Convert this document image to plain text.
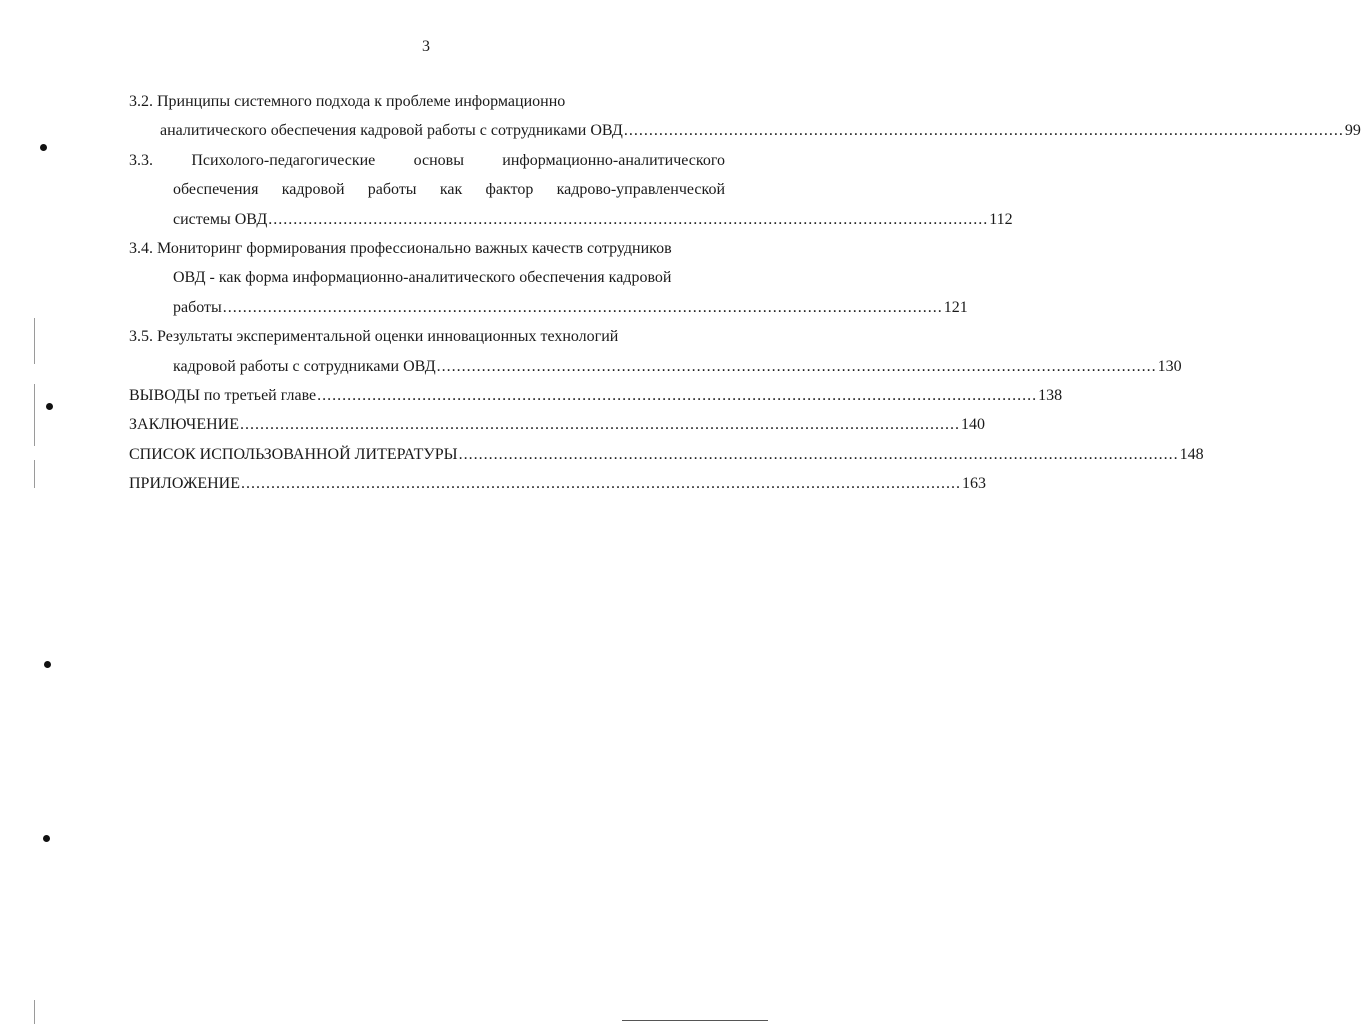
3
3.2. Принципы системного подхода к проблеме информационно
аналитического обеспечения кадровой работы с сотрудниками ОВД ................................................................................................................................................ 99
3.3. Психолого-педагогические основы информационно-аналитического
обеспечения кадровой работы как фактор кадрово-управленческой
системы ОВД ................................................................................................................................................ 112
3.4. Мониторинг формирования профессионально важных качеств сотрудников
ОВД - как форма информационно-аналитического обеспечения кадровой
работы ................................................................................................................................................ 121
3.5. Результаты экспериментальной оценки инновационных технологий
кадровой работы с сотрудниками ОВД ................................................................................................................................................ 130
ВЫВОДЫ по третьей главе ................................................................................................................................................ 138
ЗАКЛЮЧЕНИЕ ................................................................................................................................................ 140
СПИСОК ИСПОЛЬЗОВАННОЙ ЛИТЕРАТУРЫ ................................................................................................................................................ 148
ПРИЛОЖЕНИЕ ................................................................................................................................................ 163
